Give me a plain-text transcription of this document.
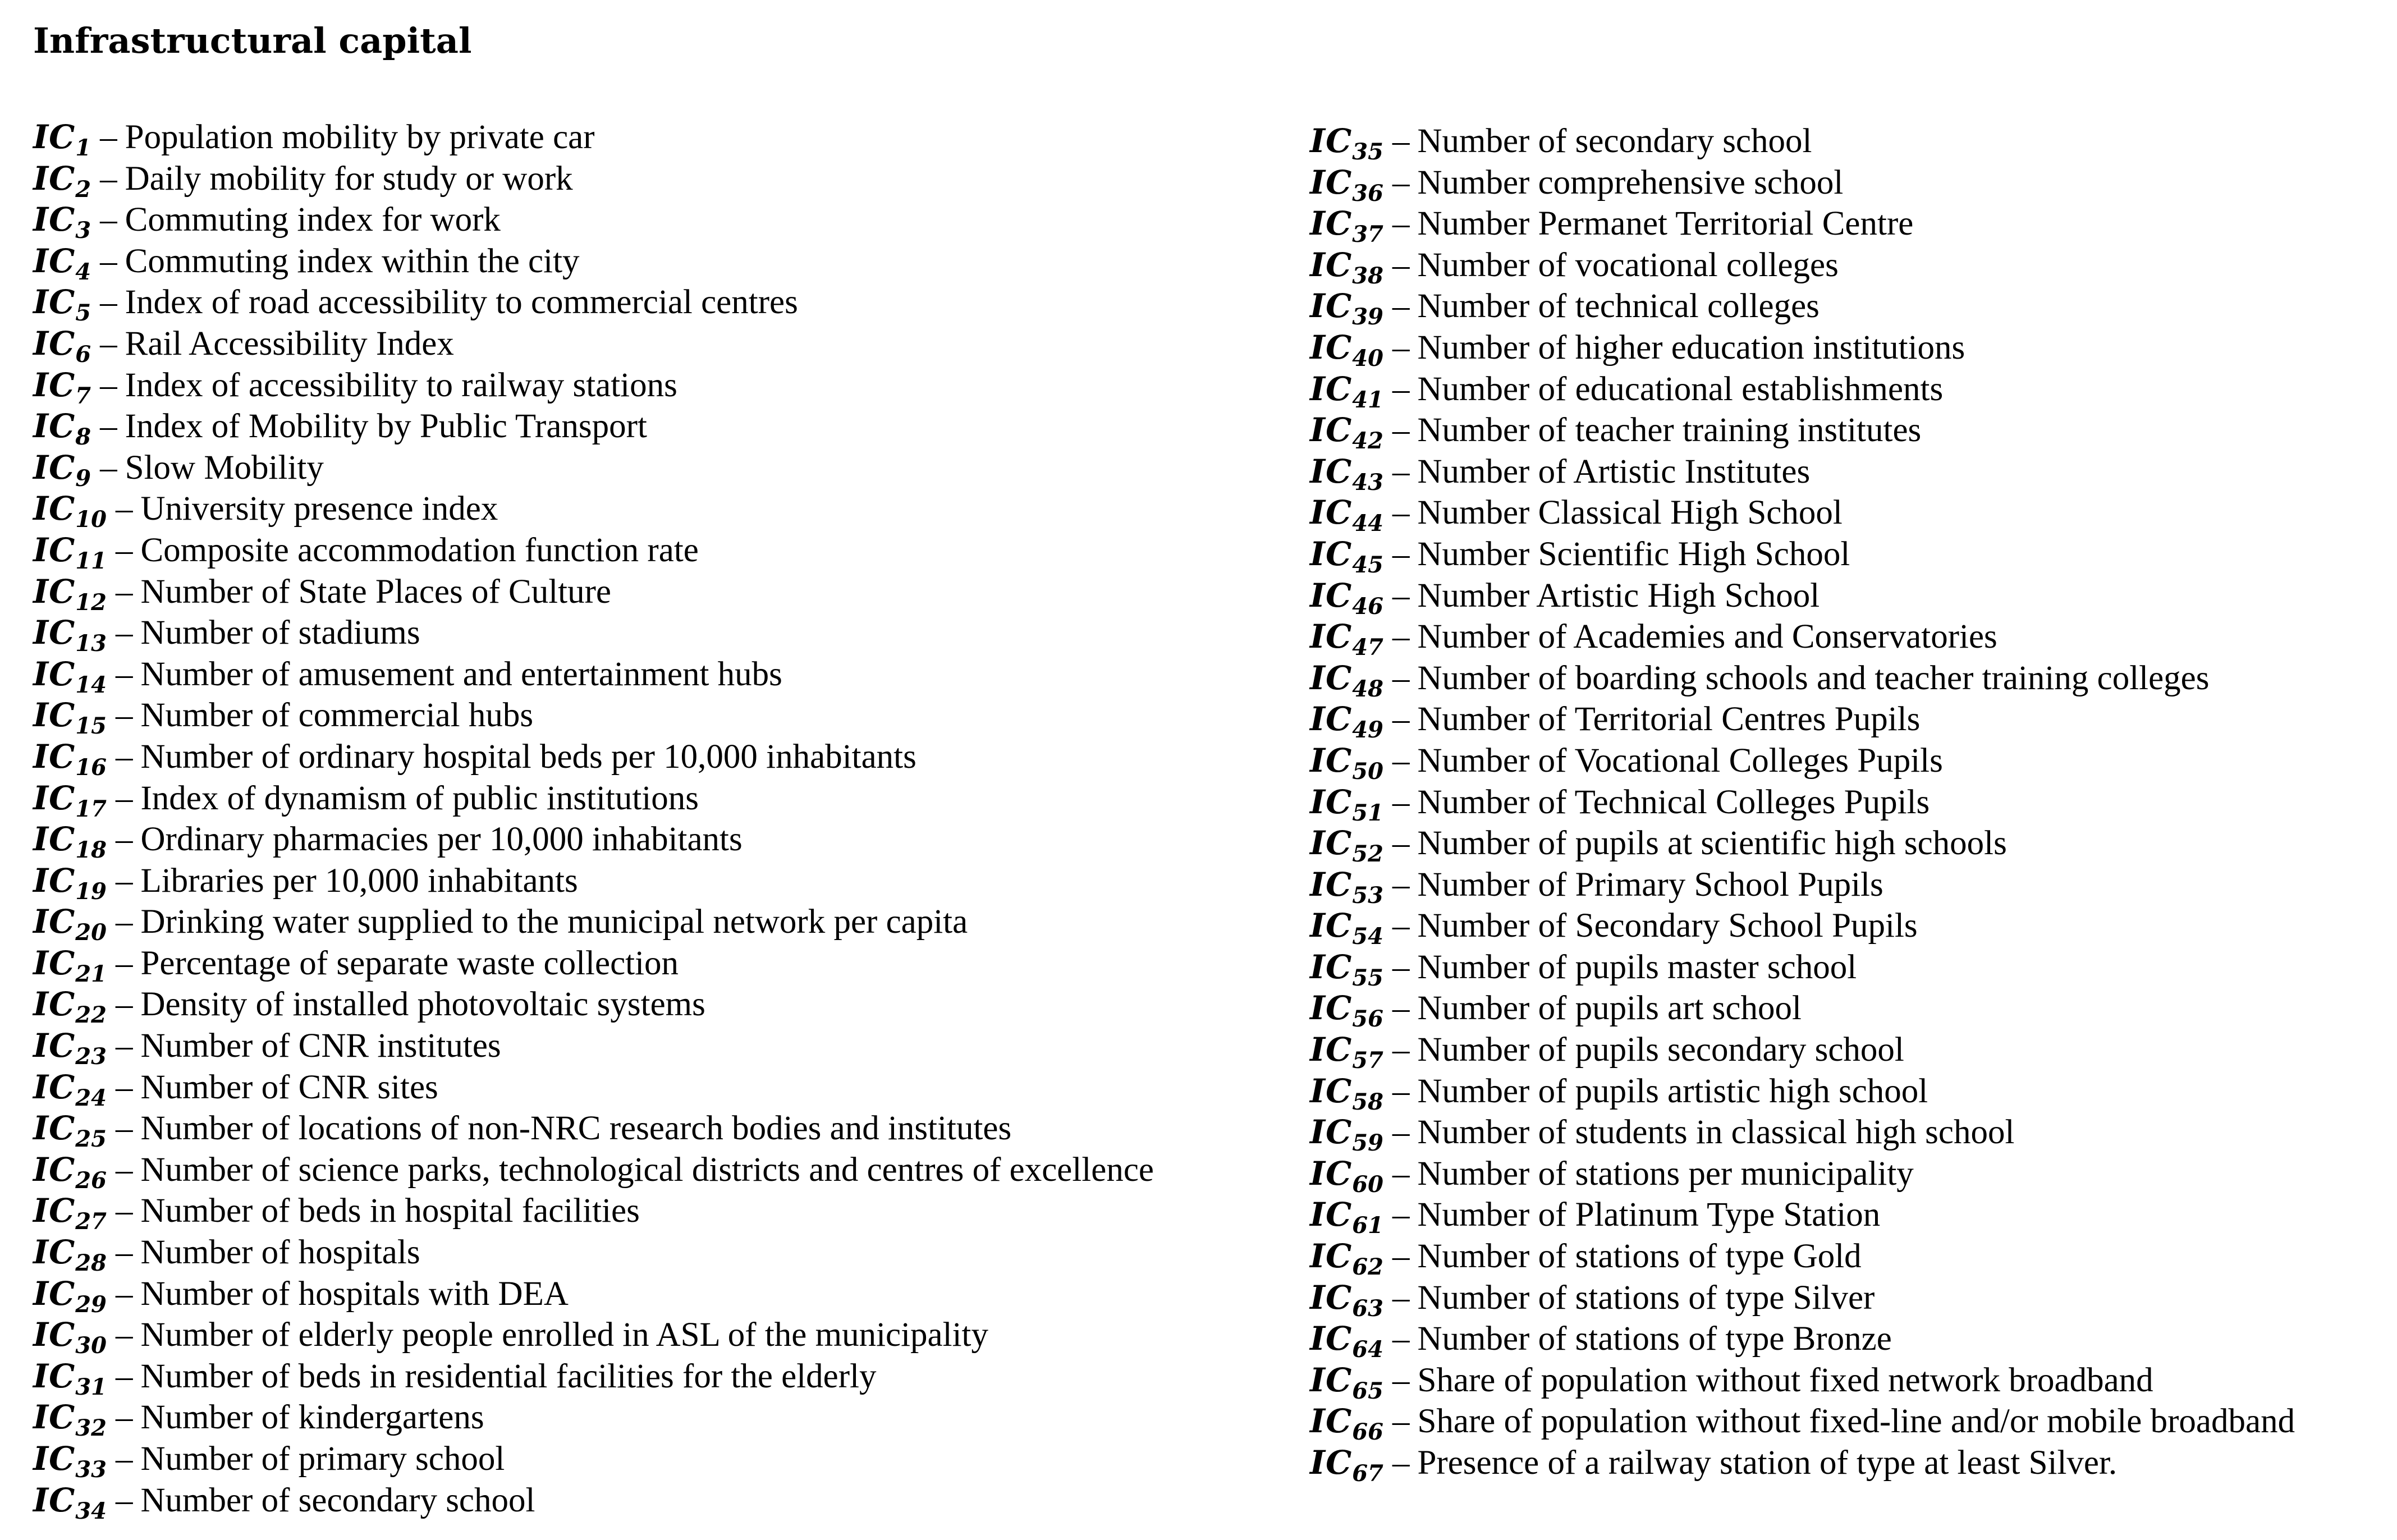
Infrastructural capital
$IC_1$ – Population mobility by private car
$IC_2$ – Daily mobility for study or work
$IC_3$ – Commuting index for work
$IC_4$ – Commuting index within the city
$IC_5$ – Index of road accessibility to commercial centres
$IC_6$ – Rail Accessibility Index
$IC_7$ – Index of accessibility to railway stations
$IC_8$ – Index of Mobility by Public Transport
$IC_9$ – Slow Mobility
$IC_{10}$ – University presence index
$IC_{11}$ – Composite accommodation function rate
$IC_{12}$ – Number of State Places of Culture
$IC_{13}$ – Number of stadiums
$IC_{14}$ – Number of amusement and entertainment hubs
$IC_{15}$ – Number of commercial hubs
$IC_{16}$ – Number of ordinary hospital beds per 10,000 inhabitants
$IC_{17}$ – Index of dynamism of public institutions
$IC_{18}$ – Ordinary pharmacies per 10,000 inhabitants
$IC_{19}$ – Libraries per 10,000 inhabitants
$IC_{20}$ – Drinking water supplied to the municipal network per capita
$IC_{21}$ – Percentage of separate waste collection
$IC_{22}$ – Density of installed photovoltaic systems
$IC_{23}$ – Number of CNR institutes
$IC_{24}$ – Number of CNR sites
$IC_{25}$ – Number of locations of non-NRC research bodies and institutes
$IC_{26}$ – Number of science parks, technological districts and centres of excellence
$IC_{27}$ – Number of beds in hospital facilities
$IC_{28}$ – Number of hospitals
$IC_{29}$ – Number of hospitals with DEA
$IC_{30}$ – Number of elderly people enrolled in ASL of the municipality
$IC_{31}$ – Number of beds in residential facilities for the elderly
$IC_{32}$ – Number of kindergartens
$IC_{33}$ – Number of primary school
$IC_{34}$ – Number of secondary school
$IC_{35}$ – Number of secondary school
$IC_{36}$ – Number comprehensive school
$IC_{37}$ – Number Permanet Territorial Centre
$IC_{38}$ – Number of vocational colleges
$IC_{39}$ – Number of technical colleges
$IC_{40}$ – Number of higher education institutions
$IC_{41}$ – Number of educational establishments
$IC_{42}$ – Number of teacher training institutes
$IC_{43}$ – Number of Artistic Institutes
$IC_{44}$ – Number Classical High School
$IC_{45}$ – Number Scientific High School
$IC_{46}$ – Number Artistic High School
$IC_{47}$ – Number of Academies and Conservatories
$IC_{48}$ – Number of boarding schools and teacher training colleges
$IC_{49}$ – Number of Territorial Centres Pupils
$IC_{50}$ – Number of Vocational Colleges Pupils
$IC_{51}$ – Number of Technical Colleges Pupils
$IC_{52}$ – Number of pupils at scientific high schools
$IC_{53}$ – Number of Primary School Pupils
$IC_{54}$ – Number of Secondary School Pupils
$IC_{55}$ – Number of pupils master school
$IC_{56}$ – Number of pupils art school
$IC_{57}$ – Number of pupils secondary school
$IC_{58}$ – Number of pupils artistic high school
$IC_{59}$ – Number of students in classical high school
$IC_{60}$ – Number of stations per municipality
$IC_{61}$ – Number of Platinum Type Station
$IC_{62}$ – Number of stations of type Gold
$IC_{63}$ – Number of stations of type Silver
$IC_{64}$ – Number of stations of type Bronze
$IC_{65}$ – Share of population without fixed network broadband
$IC_{66}$ – Share of population without fixed-line and/or mobile broadband
$IC_{67}$ – Presence of a railway station of type at least Silver.
